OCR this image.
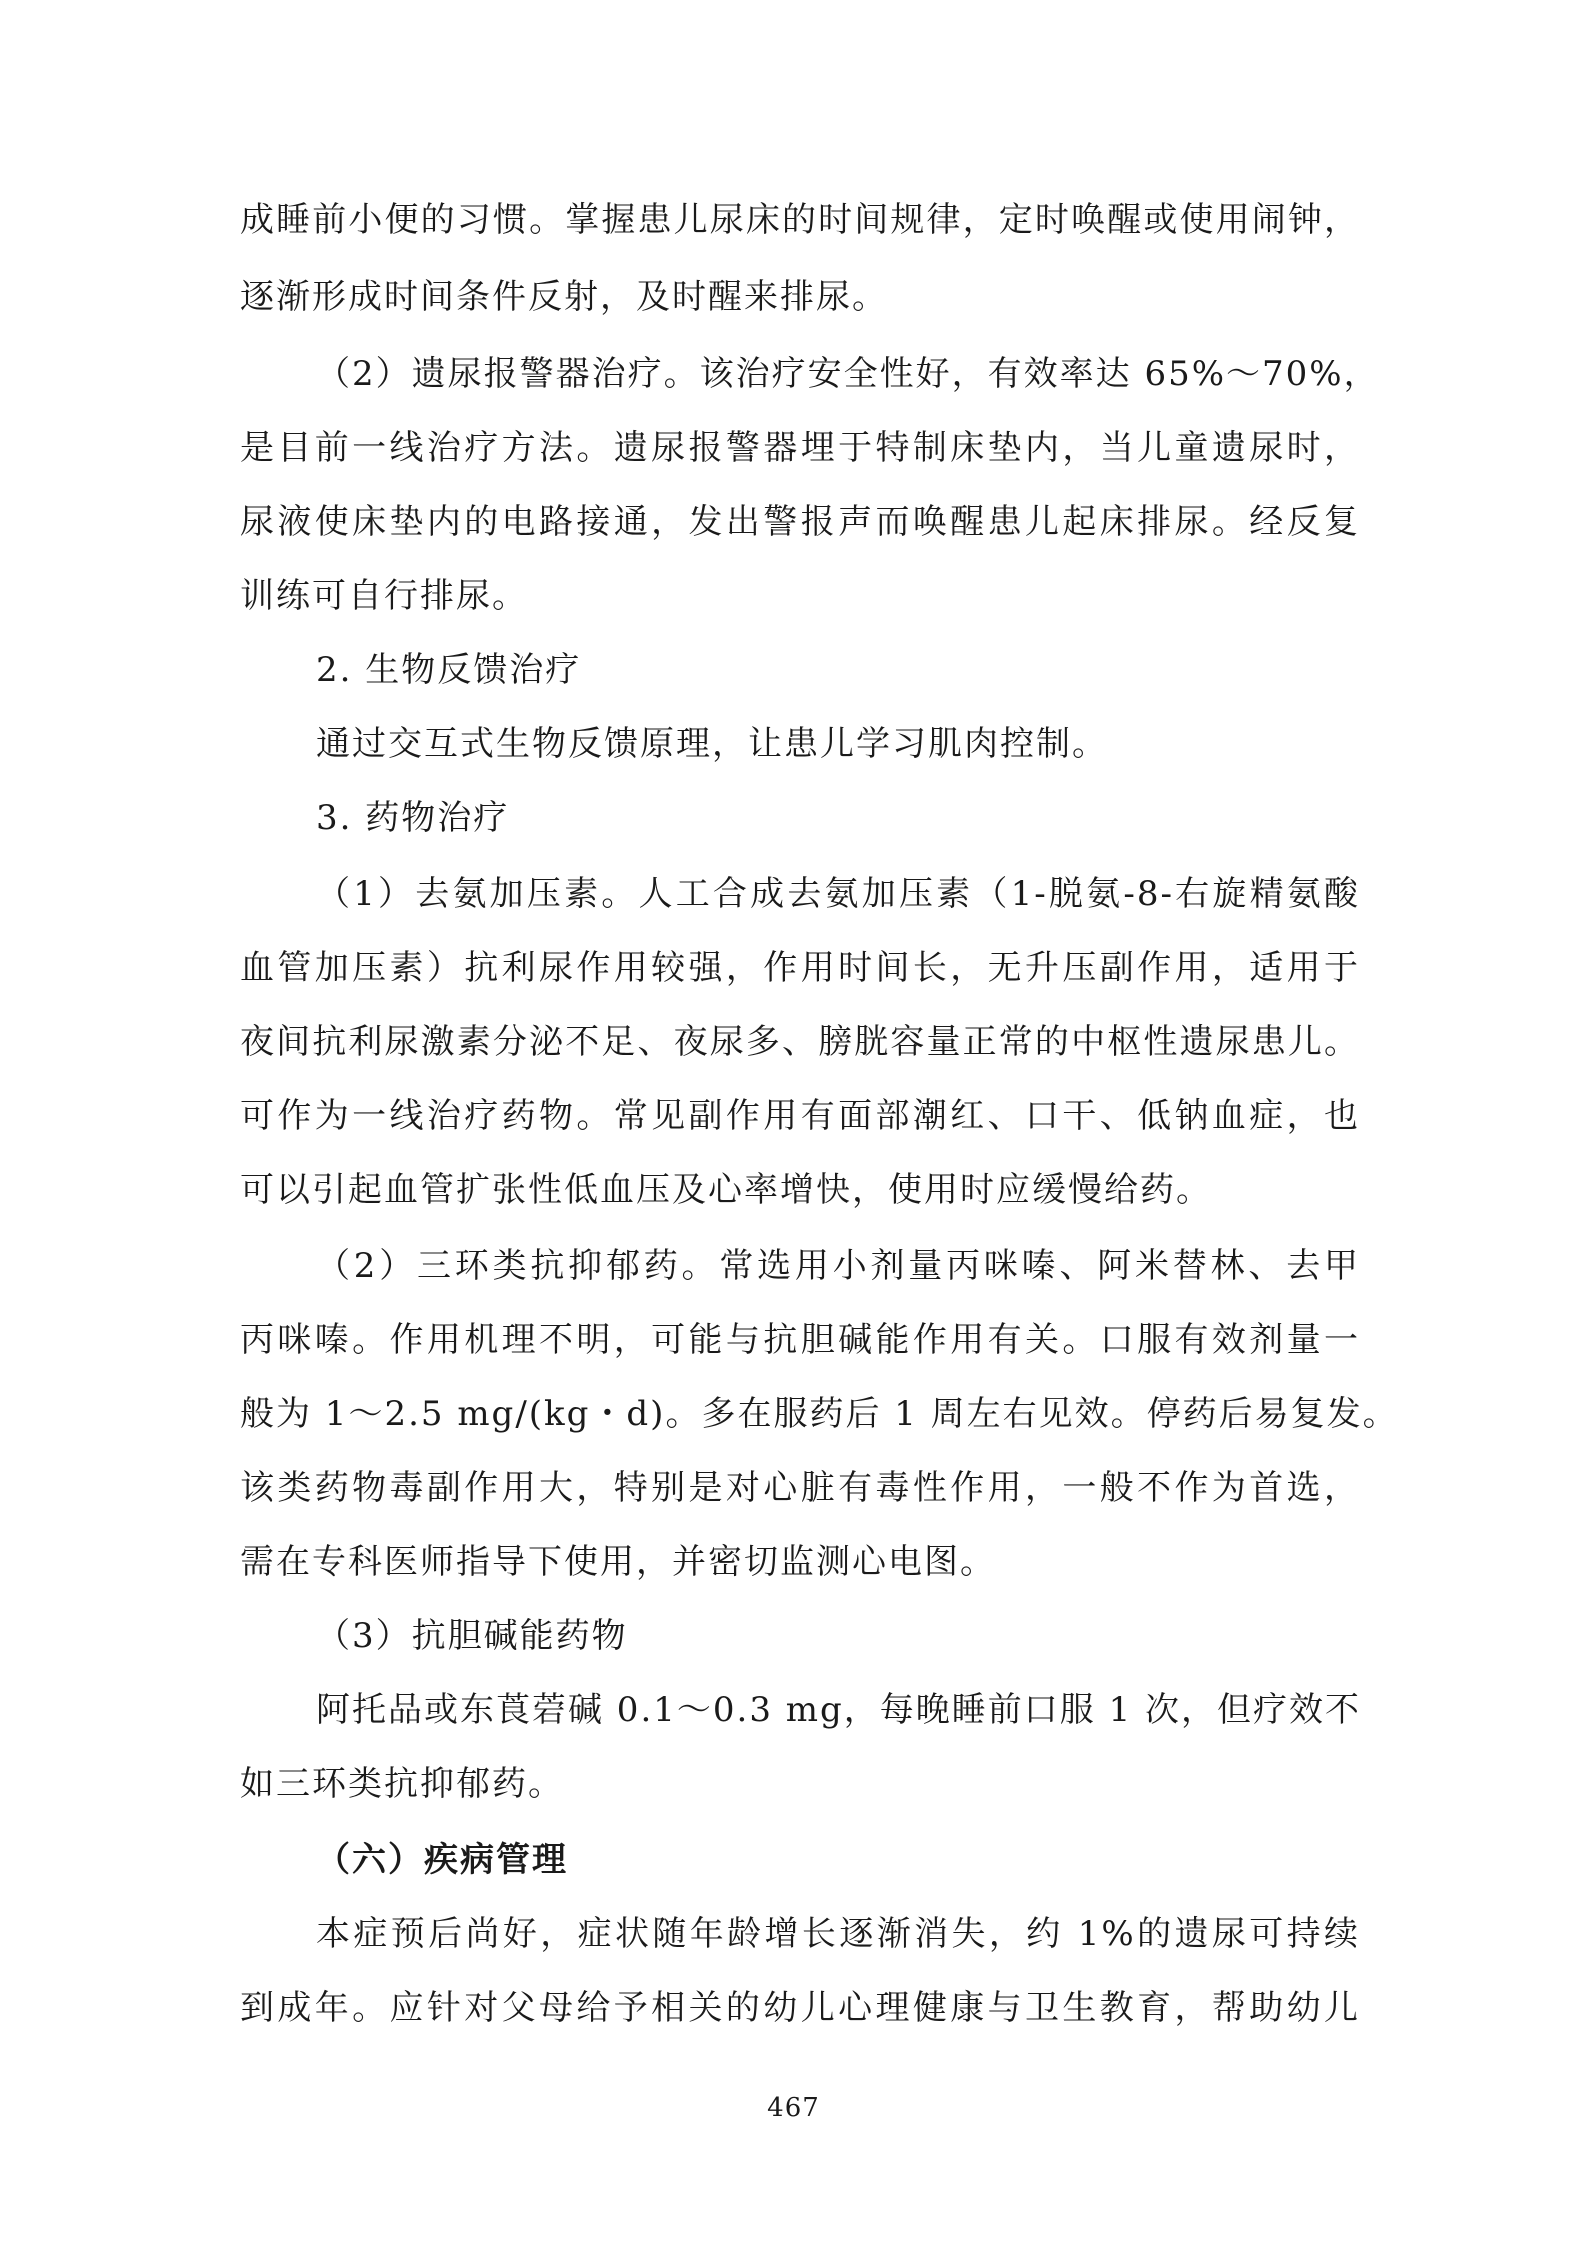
成睡前小便的习惯。掌握患儿尿床的时间规律，定时唤醒或使用闹钟，
逐渐形成时间条件反射，及时醒来排尿。
（2）遗尿报警器治疗。该治疗安全性好，有效率达 65%～70%，
是目前一线治疗方法。遗尿报警器埋于特制床垫内，当儿童遗尿时，
尿液使床垫内的电路接通，发出警报声而唤醒患儿起床排尿。经反复
训练可自行排尿。
2. 生物反馈治疗
通过交互式生物反馈原理，让患儿学习肌肉控制。
3. 药物治疗
（1）去氨加压素。人工合成去氨加压素（1-脱氨-8-右旋精氨酸
血管加压素）抗利尿作用较强，作用时间长，无升压副作用，适用于
夜间抗利尿激素分泌不足、夜尿多、膀胱容量正常的中枢性遗尿患儿。
可作为一线治疗药物。常见副作用有面部潮红、口干、低钠血症，也
可以引起血管扩张性低血压及心率增快，使用时应缓慢给药。
（2）三环类抗抑郁药。常选用小剂量丙咪嗪、阿米替林、去甲
丙咪嗪。作用机理不明，可能与抗胆碱能作用有关。口服有效剂量一
般为 1～2.5 mg/(kg・d)。多在服药后 1 周左右见效。停药后易复发。
该类药物毒副作用大，特别是对心脏有毒性作用，一般不作为首选，
需在专科医师指导下使用，并密切监测心电图。
（3）抗胆碱能药物
阿托品或东莨菪碱 0.1～0.3 mg，每晚睡前口服 1 次，但疗效不
如三环类抗抑郁药。
（六）疾病管理
本症预后尚好，症状随年龄增长逐渐消失，约 1%的遗尿可持续
到成年。应针对父母给予相关的幼儿心理健康与卫生教育，帮助幼儿
467
